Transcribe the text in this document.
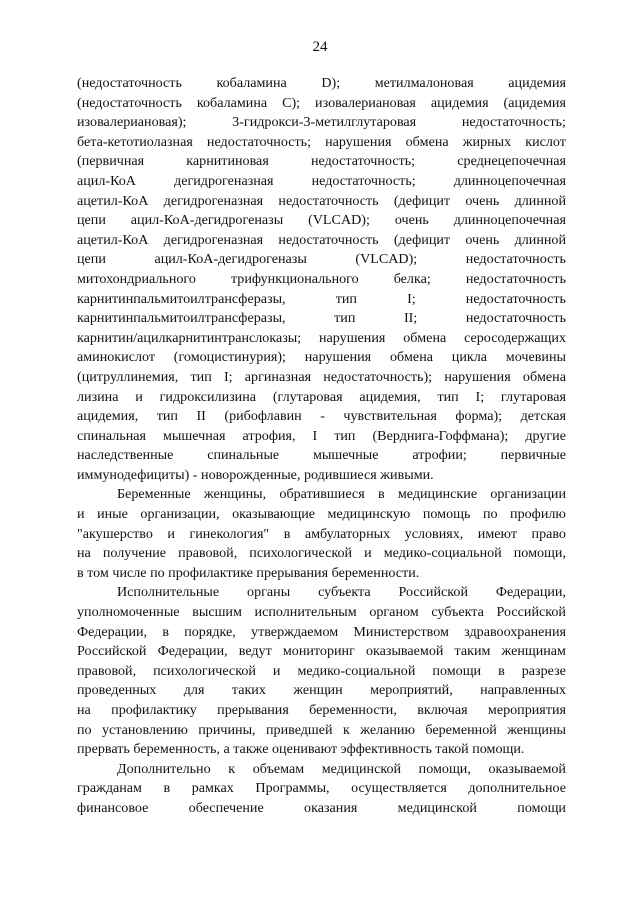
24
(недостаточность кобаламина D); метилмалоновая ацидемия
(недостаточность кобаламина С); изовалериановая ацидемия (ацидемия
изовалериановая);	3-гидрокси-3-метилглутаровая	недостаточность;
бета-кетотиолазная недостаточность; нарушения обмена жирных кислот
(первичная	карнитиновая	недостаточность;	среднецепочечная
ацил-КоА	дегидрогеназная	недостаточность;	длинноцепочечная
ацетил-КоА дегидрогеназная недостаточность (дефицит очень длинной
цепи ацил-КоА-дегидрогеназы (VLCAD); очень длинноцепочечная
ацетил-КоА дегидрогеназная недостаточность (дефицит очень длинной
цепи	ацил-КоА-дегидрогеназы	(VLCAD);	недостаточность
митохондриального трифункционального белка; недостаточность
карнитинпальмитоилтрансферазы,	тип	I;	недостаточность
карнитинпальмитоилтрансферазы,	тип	II;	недостаточность
карнитин/ацилкарнитинтранслоказы; нарушения обмена серосодержащих
аминокислот (гомоцистинурия); нарушения обмена цикла мочевины
(цитруллинемия, тип I; аргиназная недостаточность); нарушения обмена
лизина и гидроксилизина (глутаровая ацидемия, тип I; глутаровая
ацидемия, тип II (рибофлавин - чувствительная форма); детская
спинальная мышечная атрофия, I тип (Верднига-Гоффмана); другие
наследственные спинальные мышечные атрофии; первичные
иммунодефициты) - новорожденные, родившиеся живыми.
Беременные женщины, обратившиеся в медицинские организации
и иные организации, оказывающие медицинскую помощь по профилю
"акушерство и гинекология" в амбулаторных условиях, имеют право
на получение правовой, психологической и медико-социальной помощи,
в том числе по профилактике прерывания беременности.
Исполнительные органы субъекта Российской Федерации,
уполномоченные высшим исполнительным органом субъекта Российской
Федерации, в порядке, утверждаемом Министерством здравоохранения
Российской Федерации, ведут мониторинг оказываемой таким женщинам
правовой, психологической и медико-социальной помощи в разрезе
проведенных для таких женщин мероприятий, направленных
на профилактику прерывания беременности, включая мероприятия
по установлению причины, приведшей к желанию беременной женщины
прервать беременность, а также оценивают эффективность такой помощи.
Дополнительно к объемам медицинской помощи, оказываемой
гражданам в рамках Программы, осуществляется дополнительное
финансовое	обеспечение	оказания	медицинской	помощи
